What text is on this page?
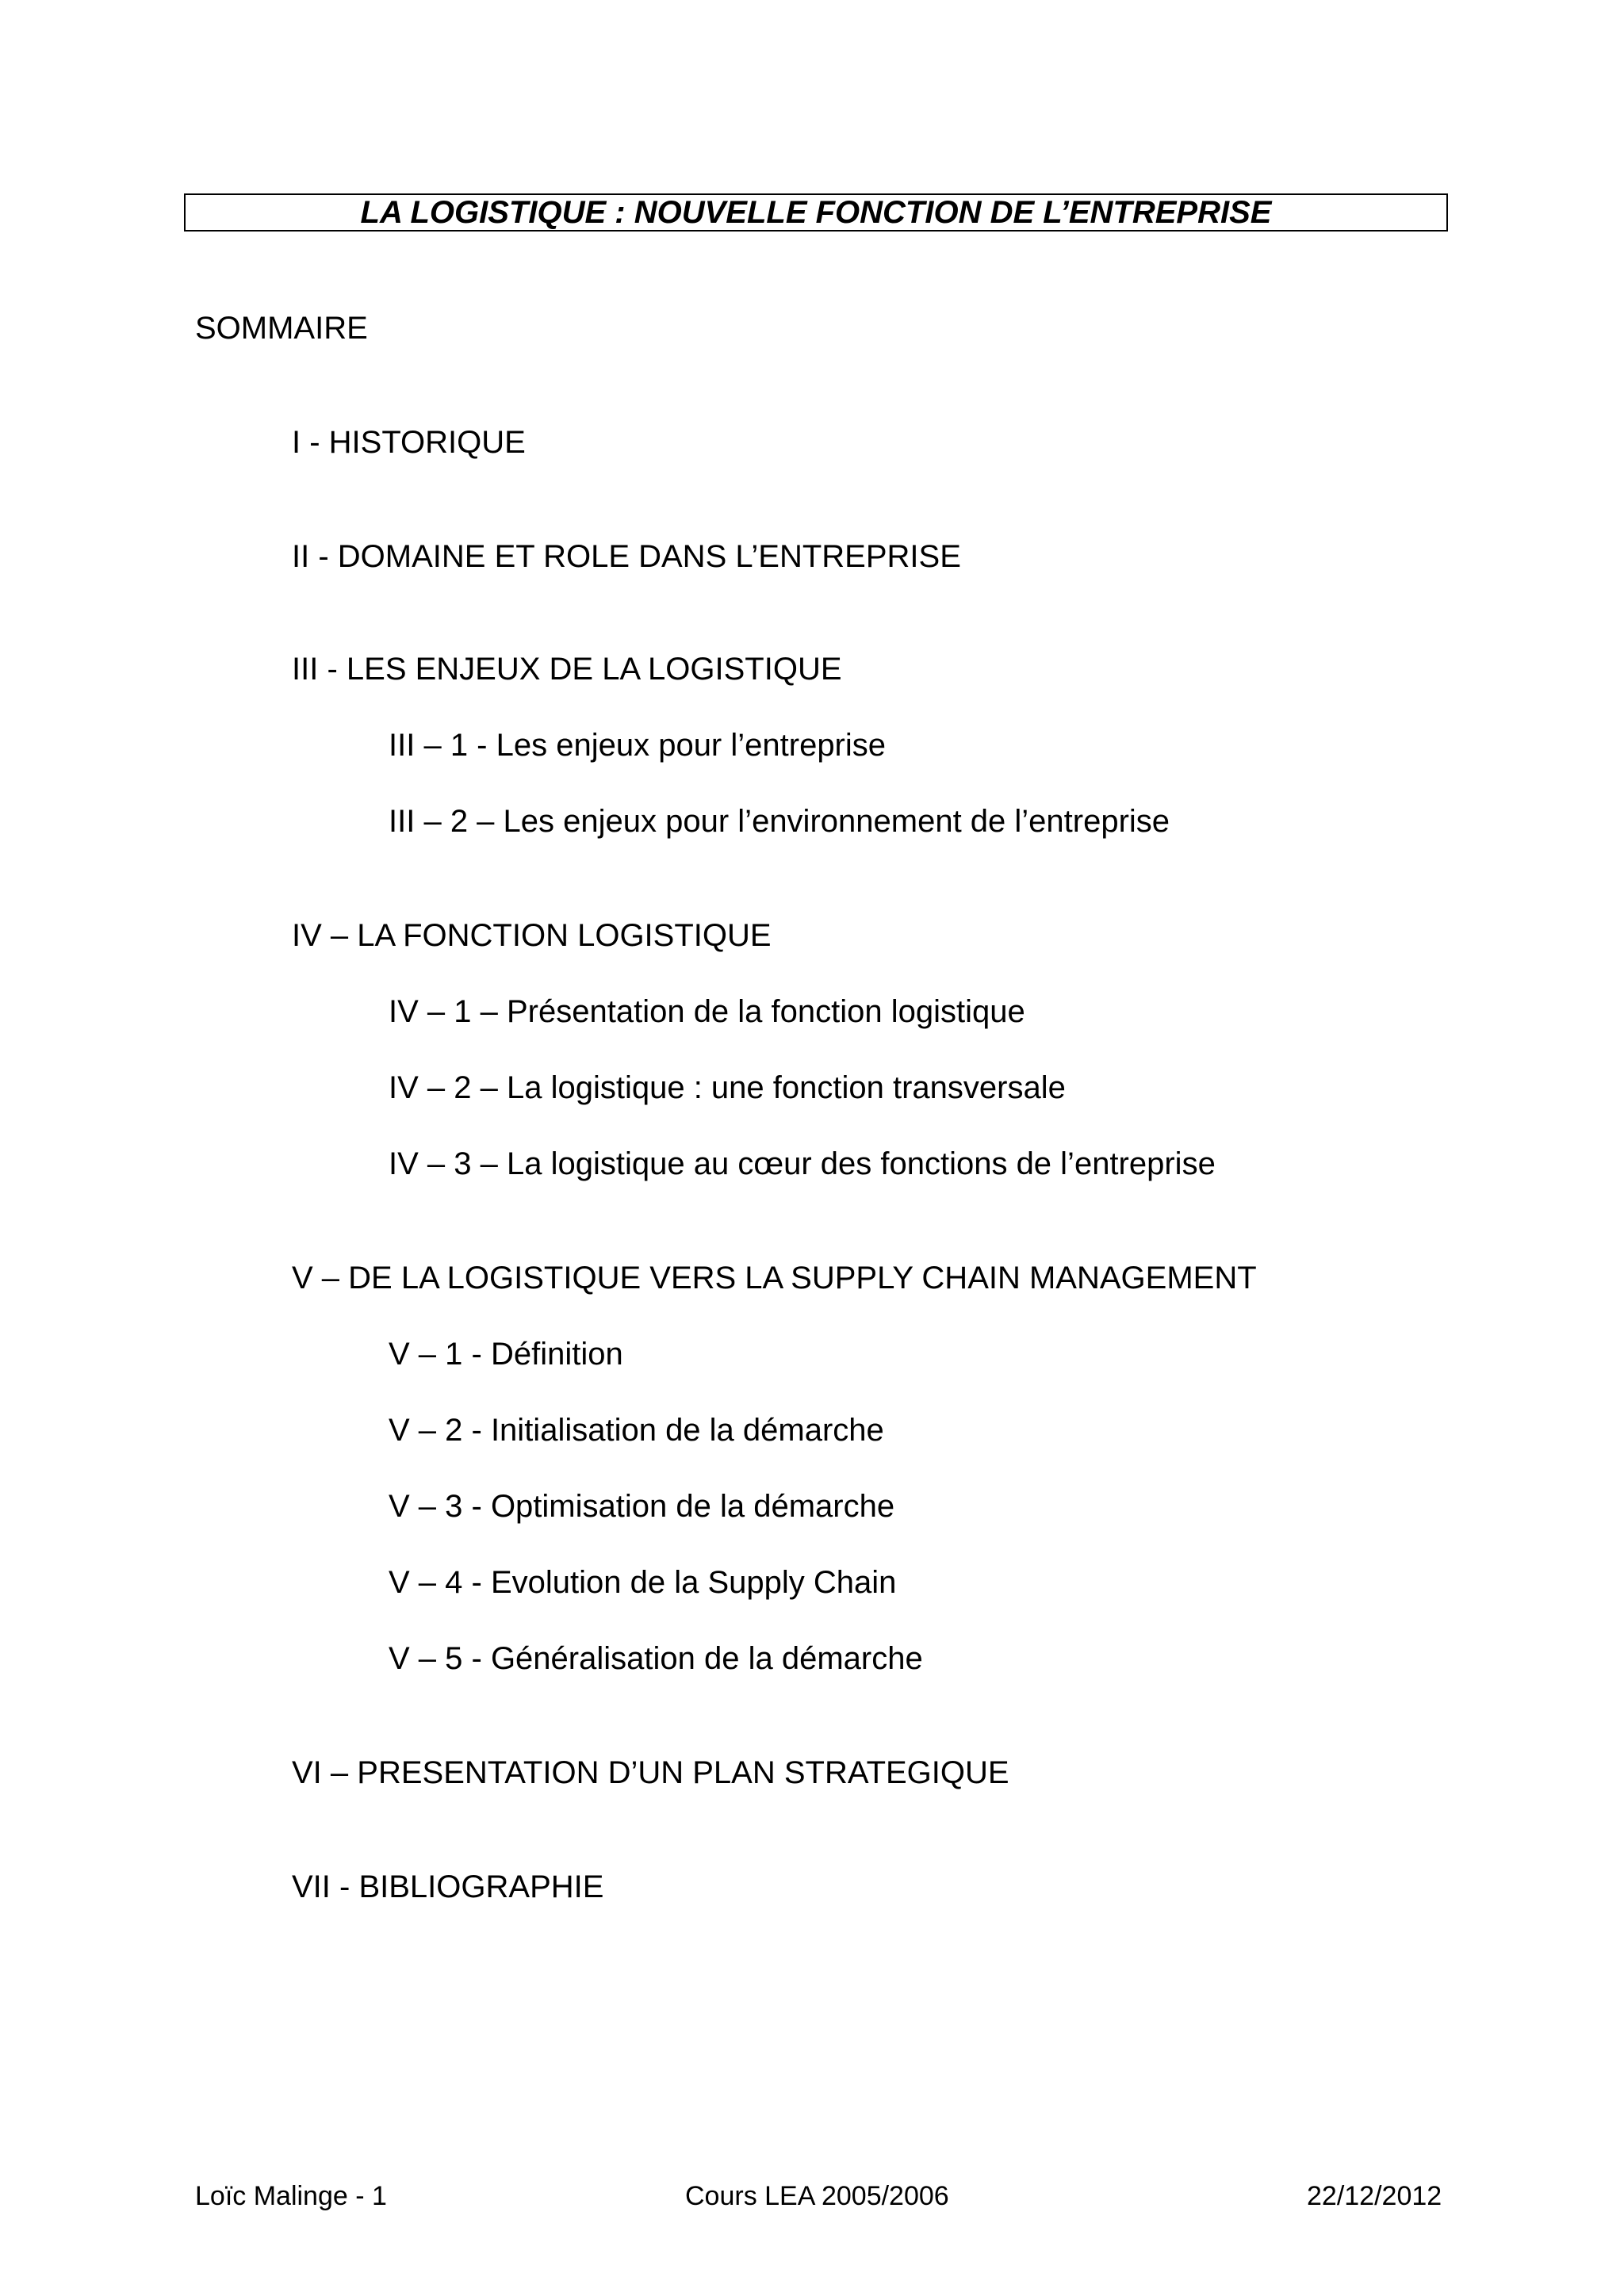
LA LOGISTIQUE : NOUVELLE FONCTION DE L’ENTREPRISE
SOMMAIRE
I - HISTORIQUE
II - DOMAINE ET ROLE DANS L’ENTREPRISE
III - LES ENJEUX DE LA LOGISTIQUE
III – 1 - Les enjeux pour l’entreprise
III – 2 – Les enjeux pour l’environnement de l’entreprise
IV – LA FONCTION LOGISTIQUE
IV – 1 – Présentation de la fonction logistique
IV – 2 – La logistique : une fonction transversale
IV – 3 – La logistique au cœur des fonctions de l’entreprise
V – DE LA LOGISTIQUE VERS LA SUPPLY CHAIN MANAGEMENT
V – 1 - Définition
V – 2 - Initialisation de la démarche
V – 3 - Optimisation de la démarche
V – 4 - Evolution de la Supply Chain
V – 5 - Généralisation de la démarche
VI – PRESENTATION D’UN PLAN STRATEGIQUE
VII - BIBLIOGRAPHIE
Loïc Malinge - 1	Cours LEA 2005/2006	22/12/2012
